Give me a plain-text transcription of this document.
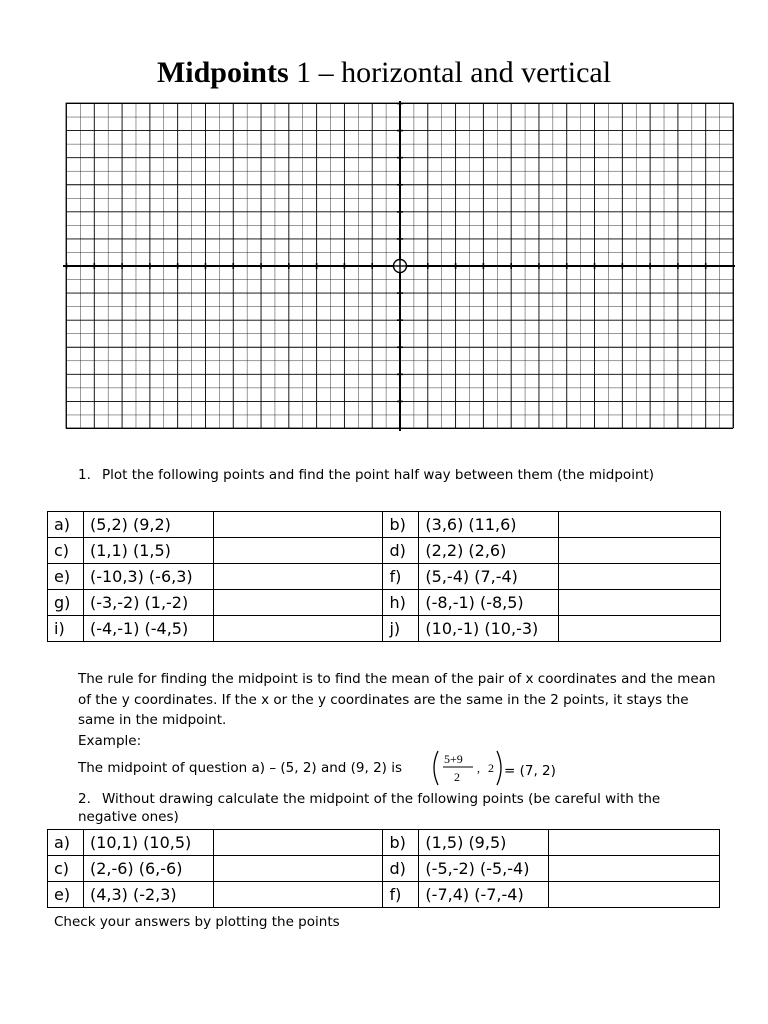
Midpoints 1 – horizontal and vertical
1. Plot the following points and find the point half way between them (the midpoint)
a)	(5,2) (9,2)		b)	(3,6) (11,6)	
c)	(1,1) (1,5)		d)	(2,2) (2,6)	
e)	(-10,3) (-6,3)		f)	(5,-4) (7,-4)	
g)	(-3,-2) (1,-2)		h)	(-8,-1) (-8,5)	
i)	(-4,-1) (-4,5)		j)	(10,-1) (10,-3)	
The rule for finding the midpoint is to find the mean of the pair of x coordinates and the mean of the y coordinates. If the x or the y coordinates are the same in the 2 points, it stays the same in the midpoint.
Example:
The midpoint of question a) – (5, 2) and (9, 2) is
5+9
2
, 2 = (7, 2)
2. Without drawing calculate the midpoint of the following points (be careful with the negative ones)
a)	(10,1) (10,5)		b)	(1,5) (9,5)	
c)	(2,-6) (6,-6)		d)	(-5,-2) (-5,-4)	
e)	(4,3) (-2,3)		f)	(-7,4) (-7,-4)	
Check your answers by plotting the points
